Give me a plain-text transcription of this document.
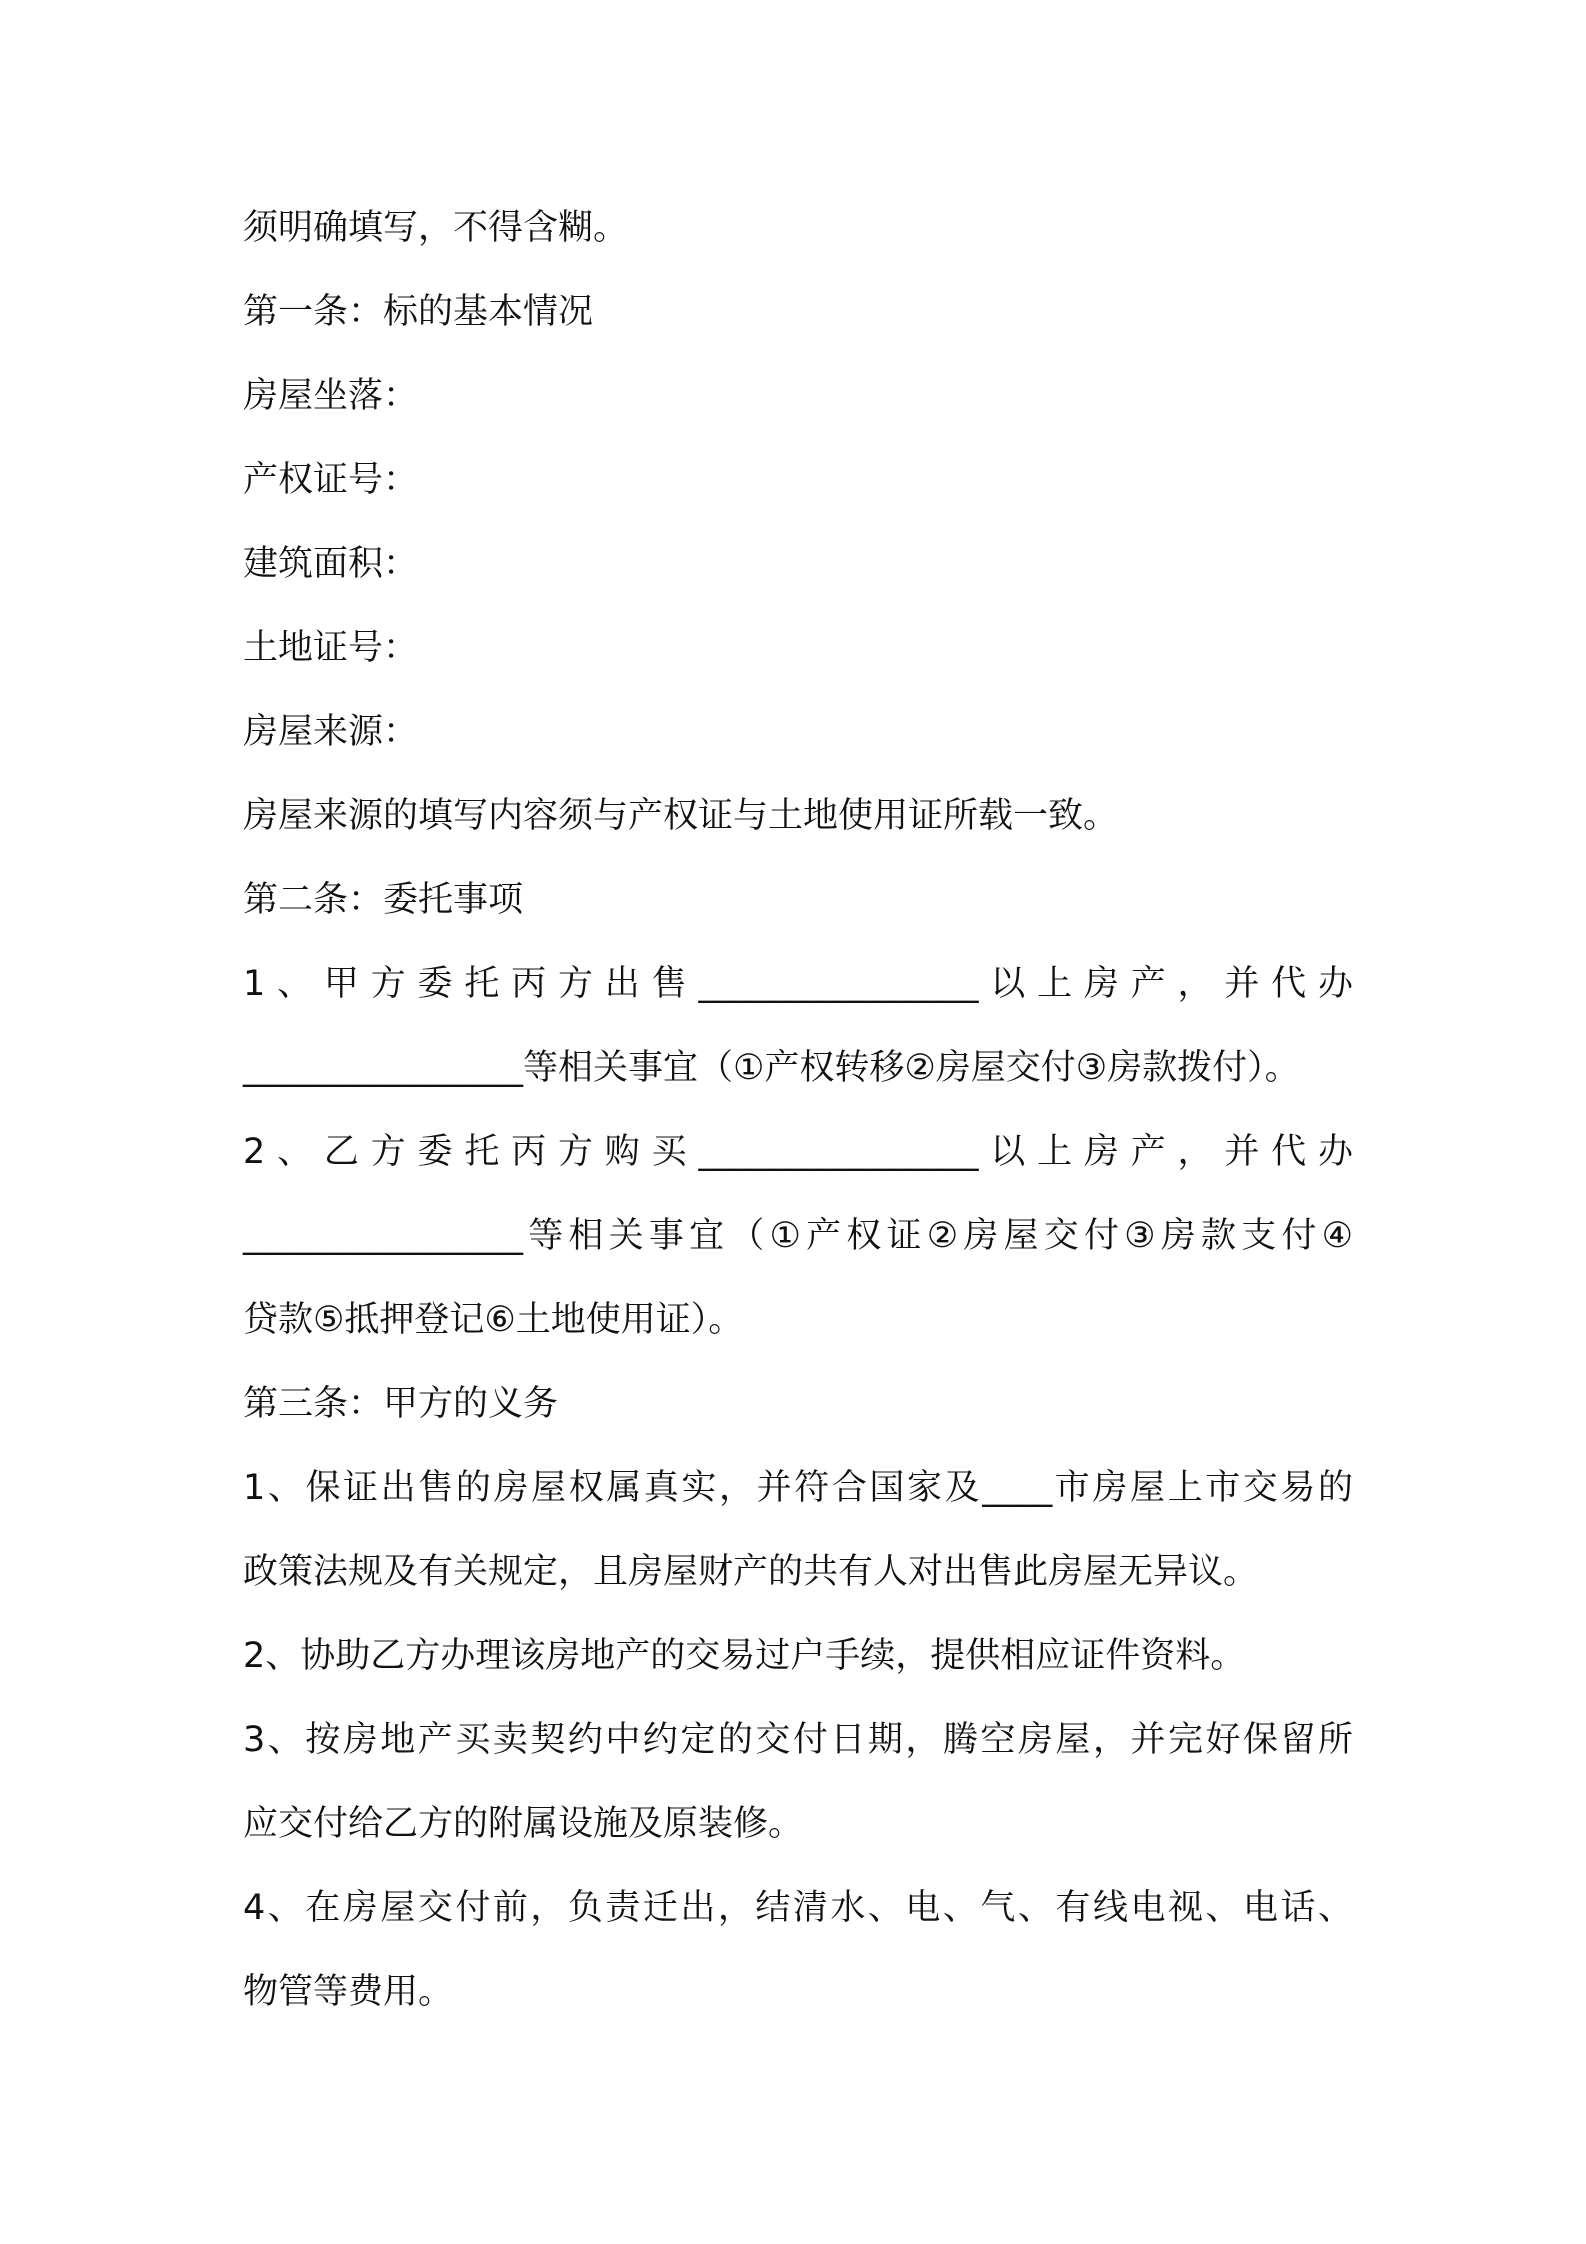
须明确填写，不得含糊。

第一条：标的基本情况

房屋坐落：

产权证号：

建筑面积：

土地证号：

房屋来源：

房屋来源的填写内容须与产权证与土地使用证所载一致。

第二条：委托事项

1、甲方委托丙方出售________________以上房产，并代办

________________等相关事宜（①产权转移②房屋交付③房款拨付）。

2、乙方委托丙方购买________________以上房产，并代办

________________等相关事宜（①产权证②房屋交付③房款支付④

贷款⑤抵押登记⑥土地使用证）。

第三条：甲方的义务

1、保证出售的房屋权属真实，并符合国家及____市房屋上市交易的

政策法规及有关规定，且房屋财产的共有人对出售此房屋无异议。

2、协助乙方办理该房地产的交易过户手续，提供相应证件资料。

3、按房地产买卖契约中约定的交付日期，腾空房屋，并完好保留所

应交付给乙方的附属设施及原装修。

4、在房屋交付前，负责迁出，结清水、电、气、有线电视、电话、

物管等费用。
